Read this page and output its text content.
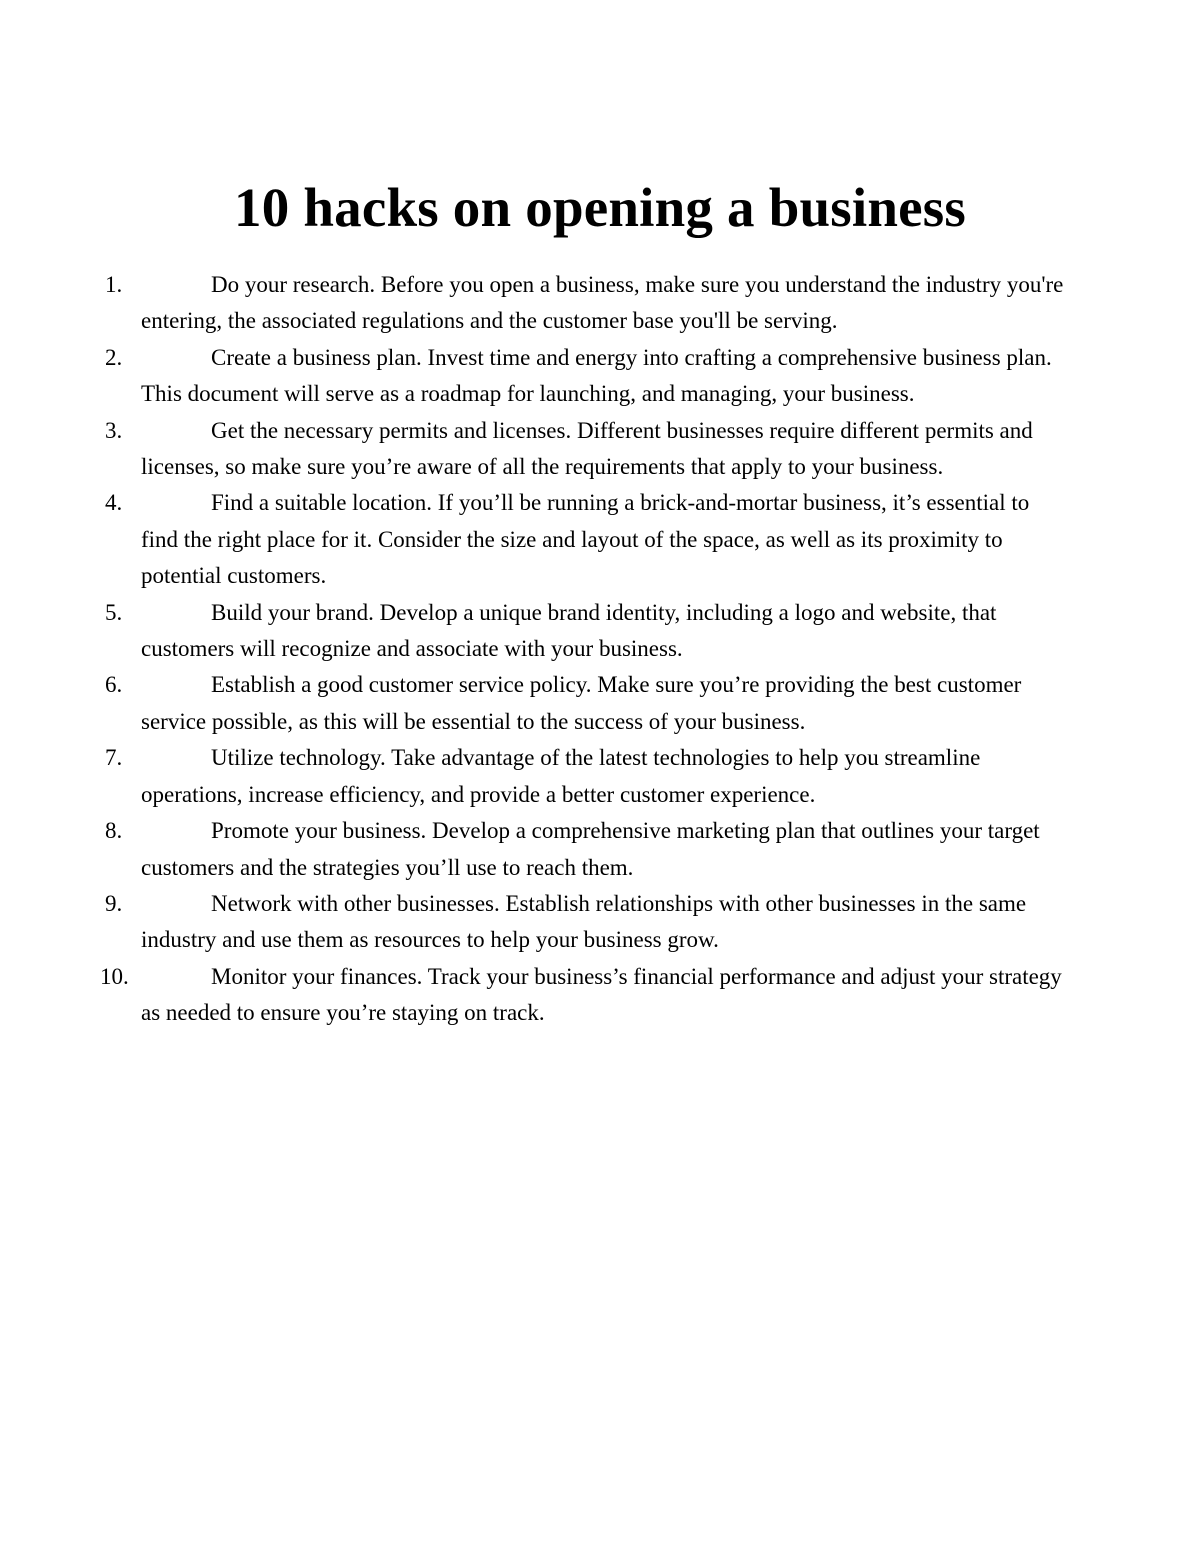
10 hacks on opening a business
1.	Do your research. Before you open a business, make sure you understand the industry you're entering, the associated regulations and the customer base you'll be serving.
2.	Create a business plan. Invest time and energy into crafting a comprehensive business plan. This document will serve as a roadmap for launching, and managing, your business.
3.	Get the necessary permits and licenses. Different businesses require different permits and licenses, so make sure you’re aware of all the requirements that apply to your business.
4.	Find a suitable location. If you’ll be running a brick-and-mortar business, it’s essential to find the right place for it. Consider the size and layout of the space, as well as its proximity to potential customers.
5.	Build your brand. Develop a unique brand identity, including a logo and website, that customers will recognize and associate with your business.
6.	Establish a good customer service policy. Make sure you’re providing the best customer service possible, as this will be essential to the success of your business.
7.	Utilize technology. Take advantage of the latest technologies to help you streamline operations, increase efficiency, and provide a better customer experience.
8.	Promote your business. Develop a comprehensive marketing plan that outlines your target customers and the strategies you’ll use to reach them.
9.	Network with other businesses. Establish relationships with other businesses in the same industry and use them as resources to help your business grow.
10.	Monitor your finances. Track your business’s financial performance and adjust your strategy as needed to ensure you’re staying on track.
